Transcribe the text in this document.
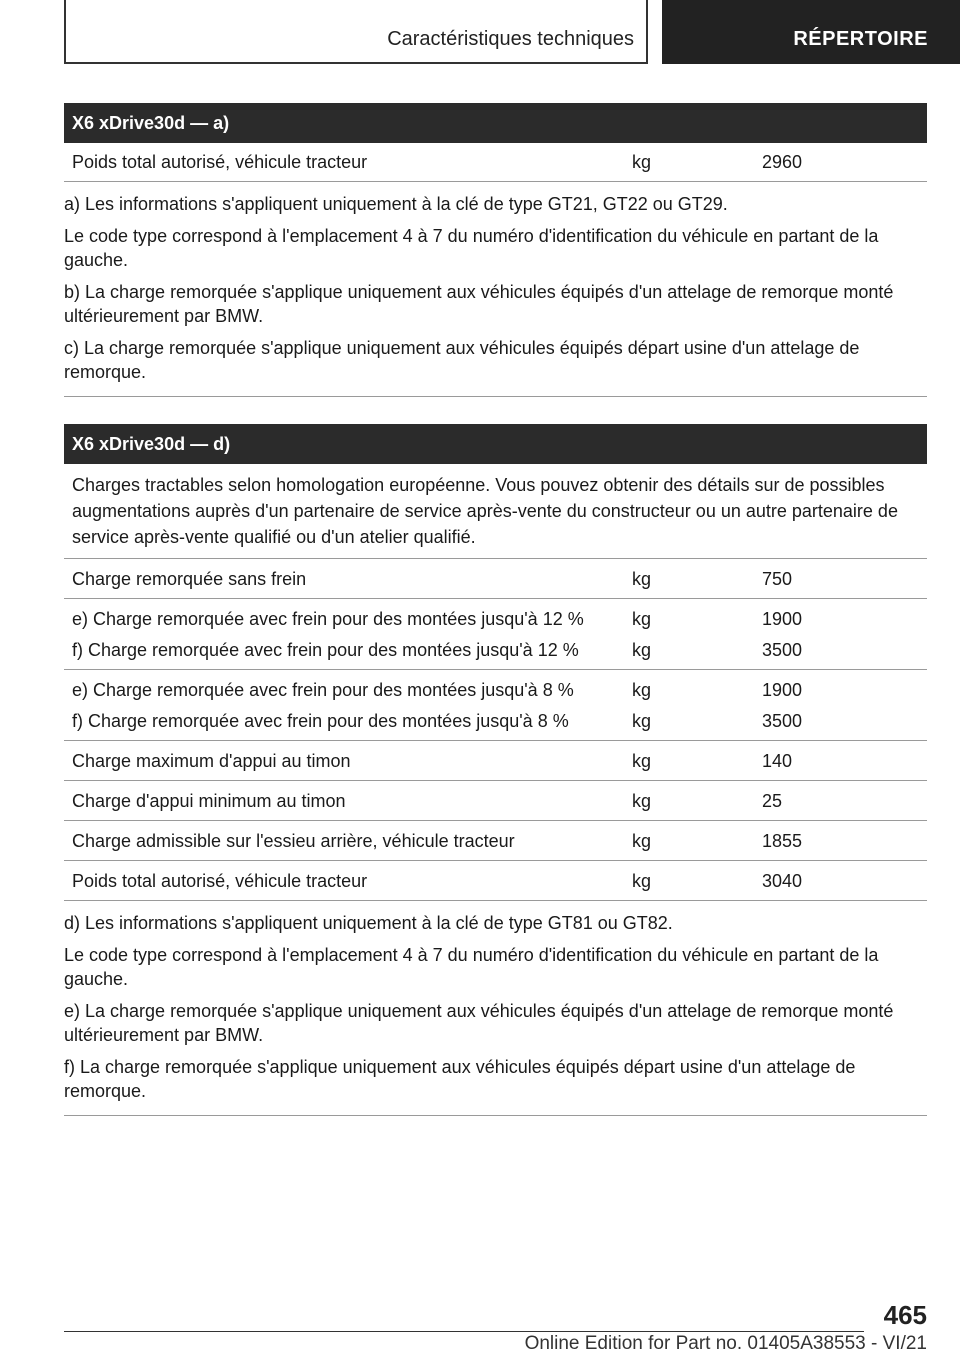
Caractéristiques techniques	RÉPERTOIRE
X6 xDrive30d — a)
Poids total autorisé, véhicule tracteur	kg	2960

a) Les informations s'appliquent uniquement à la clé de type GT21, GT22 ou GT29.

Le code type correspond à l'emplacement 4 à 7 du numéro d'identification du véhicule en partant de la gauche.

b) La charge remorquée s'applique uniquement aux véhicules équipés d'un attelage de remorque monté ultérieurement par BMW.

c) La charge remorquée s'applique uniquement aux véhicules équipés départ usine d'un attelage de remorque.

X6 xDrive30d — d)
Charges tractables selon homologation européenne. Vous pouvez obtenir des détails sur de possibles augmentations auprès d'un partenaire de service après-vente du constructeur ou un autre partenaire de service après-vente qualifié ou d'un atelier qualifié.
Charge remorquée sans frein	kg	750
e) Charge remorquée avec frein pour des montées jusqu'à 12 %	kg	1900
f) Charge remorquée avec frein pour des montées jusqu'à 12 %	kg	3500
e) Charge remorquée avec frein pour des montées jusqu'à 8 %	kg	1900
f) Charge remorquée avec frein pour des montées jusqu'à 8 %	kg	3500
Charge maximum d'appui au timon	kg	140
Charge d'appui minimum au timon	kg	25
Charge admissible sur l'essieu arrière, véhicule tracteur	kg	1855
Poids total autorisé, véhicule tracteur	kg	3040

d) Les informations s'appliquent uniquement à la clé de type GT81 ou GT82.

Le code type correspond à l'emplacement 4 à 7 du numéro d'identification du véhicule en partant de la gauche.

e) La charge remorquée s'applique uniquement aux véhicules équipés d'un attelage de remorque monté ultérieurement par BMW.

f) La charge remorquée s'applique uniquement aux véhicules équipés départ usine d'un attelage de remorque.

465
Online Edition for Part no. 01405A38553 - VI/21
